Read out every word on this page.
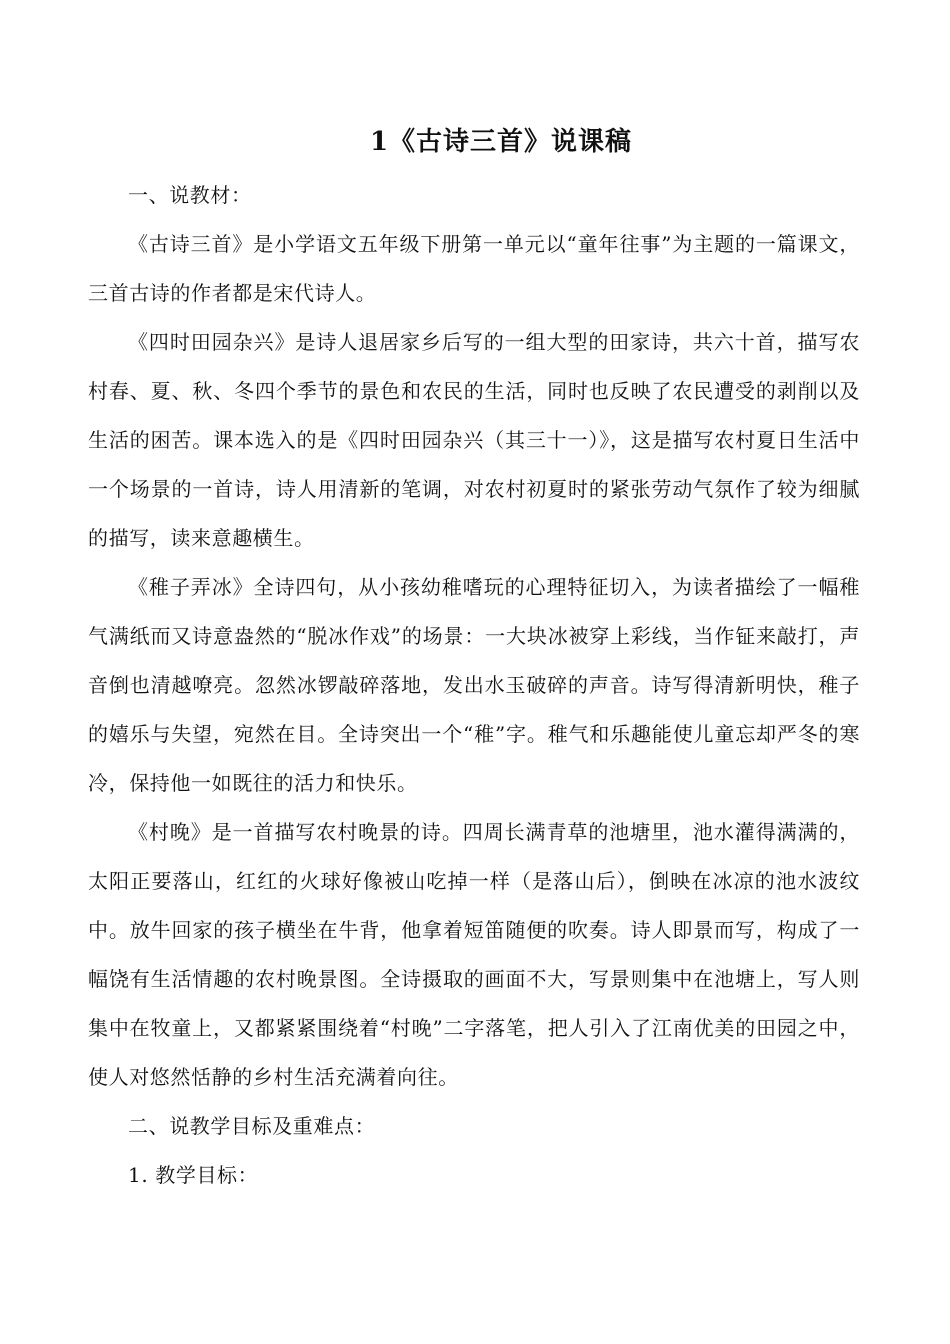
1《古诗三首》说课稿

一、说教材：

《古诗三首》是小学语文五年级下册第一单元以“童年往事”为主题的一篇课文，三首古诗的作者都是宋代诗人。

《四时田园杂兴》是诗人退居家乡后写的一组大型的田家诗，共六十首，描写农村春、夏、秋、冬四个季节的景色和农民的生活，同时也反映了农民遭受的剥削以及生活的困苦。课本选入的是《四时田园杂兴（其三十一）》，这是描写农村夏日生活中一个场景的一首诗，诗人用清新的笔调，对农村初夏时的紧张劳动气氛作了较为细腻的描写，读来意趣横生。

《稚子弄冰》全诗四句，从小孩幼稚嗜玩的心理特征切入，为读者描绘了一幅稚气满纸而又诗意盎然的“脱冰作戏”的场景：一大块冰被穿上彩线，当作钲来敲打，声音倒也清越嘹亮。忽然冰锣敲碎落地，发出水玉破碎的声音。诗写得清新明快，稚子的嬉乐与失望，宛然在目。全诗突出一个“稚”字。稚气和乐趣能使儿童忘却严冬的寒冷，保持他一如既往的活力和快乐。

《村晚》是一首描写农村晚景的诗。四周长满青草的池塘里，池水灌得满满的，太阳正要落山，红红的火球好像被山吃掉一样（是落山后），倒映在冰凉的池水波纹中。放牛回家的孩子横坐在牛背，他拿着短笛随便的吹奏。诗人即景而写，构成了一幅饶有生活情趣的农村晚景图。全诗摄取的画面不大，写景则集中在池塘上，写人则集中在牧童上，又都紧紧围绕着“村晚”二字落笔，把人引入了江南优美的田园之中，使人对悠然恬静的乡村生活充满着向往。

二、说教学目标及重难点：

1. 教学目标：
